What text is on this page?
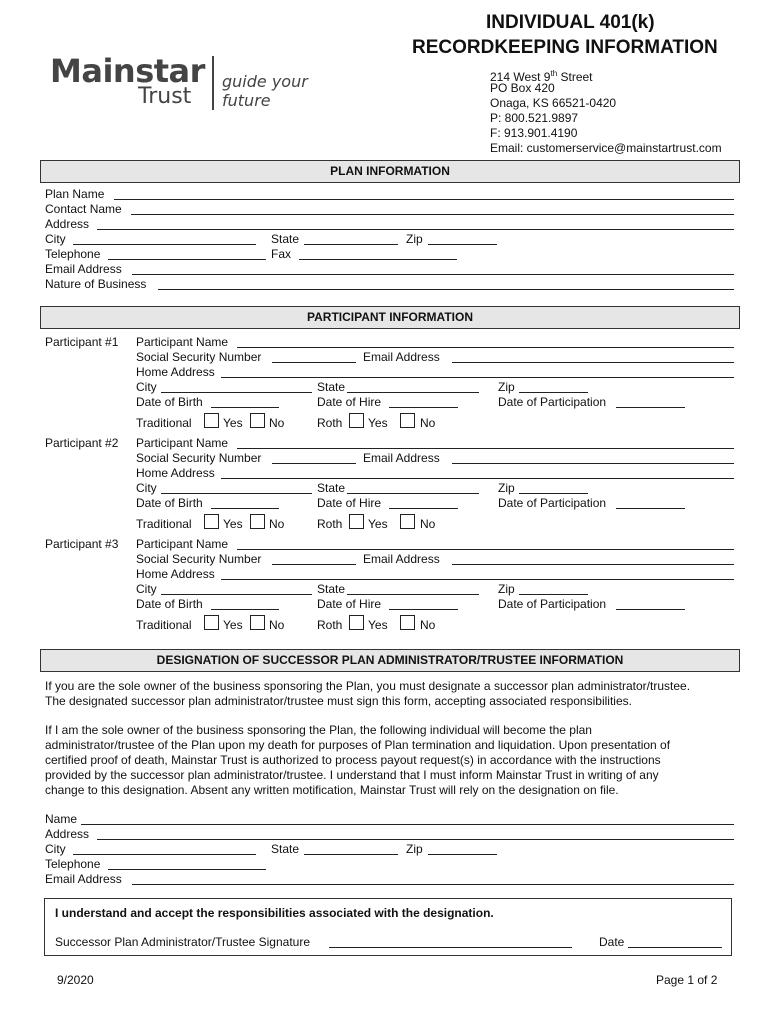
Mainstar
Trust
guide your future
INDIVIDUAL 401(k)
RECORDKEEPING INFORMATION
214 West 9th Street
PO Box 420
Onaga, KS 66521-0420
P: 800.521.9897
F: 913.901.4190
Email: customerservice@mainstartrust.com
PLAN INFORMATION
Plan Name
Contact Name
Address
City	State	Zip
Telephone	Fax
Email Address
Nature of Business
PARTICIPANT INFORMATION
Participant #1 Participant Name
Social Security Number	Email Address
Home Address
City	State	Zip
Date of Birth	Date of Hire	Date of Participation
Traditional	Yes No	Roth Yes	No
Participant #2 Participant Name
Social Security Number	Email Address
Home Address
City	State	Zip
Date of Birth	Date of Hire	Date of Participation
Traditional	Yes No	Roth Yes	No
Participant #3 Participant Name
Social Security Number	Email Address
Home Address
City	State	Zip
Date of Birth	Date of Hire	Date of Participation
Traditional	Yes No	Roth Yes	No
DESIGNATION OF SUCCESSOR PLAN ADMINISTRATOR/TRUSTEE INFORMATION
If you are the sole owner of the business sponsoring the Plan, you must designate a successor plan administrator/trustee.
The designated successor plan administrator/trustee must sign this form, accepting associated responsibilities.
If I am the sole owner of the business sponsoring the Plan, the following individual will become the plan
administrator/trustee of the Plan upon my death for purposes of Plan termination and liquidation. Upon presentation of
certified proof of death, Mainstar Trust is authorized to process payout request(s) in accordance with the instructions
provided by the successor plan administrator/trustee. I understand that I must inform Mainstar Trust in writing of any
change to this designation. Absent any written motification, Mainstar Trust will rely on the designation on file.
Name
Address
City	State	Zip
Telephone
Email Address
I understand and accept the responsibilities associated with the designation.
Successor Plan Administrator/Trustee Signature	Date
9/2020	Page 1 of 2
